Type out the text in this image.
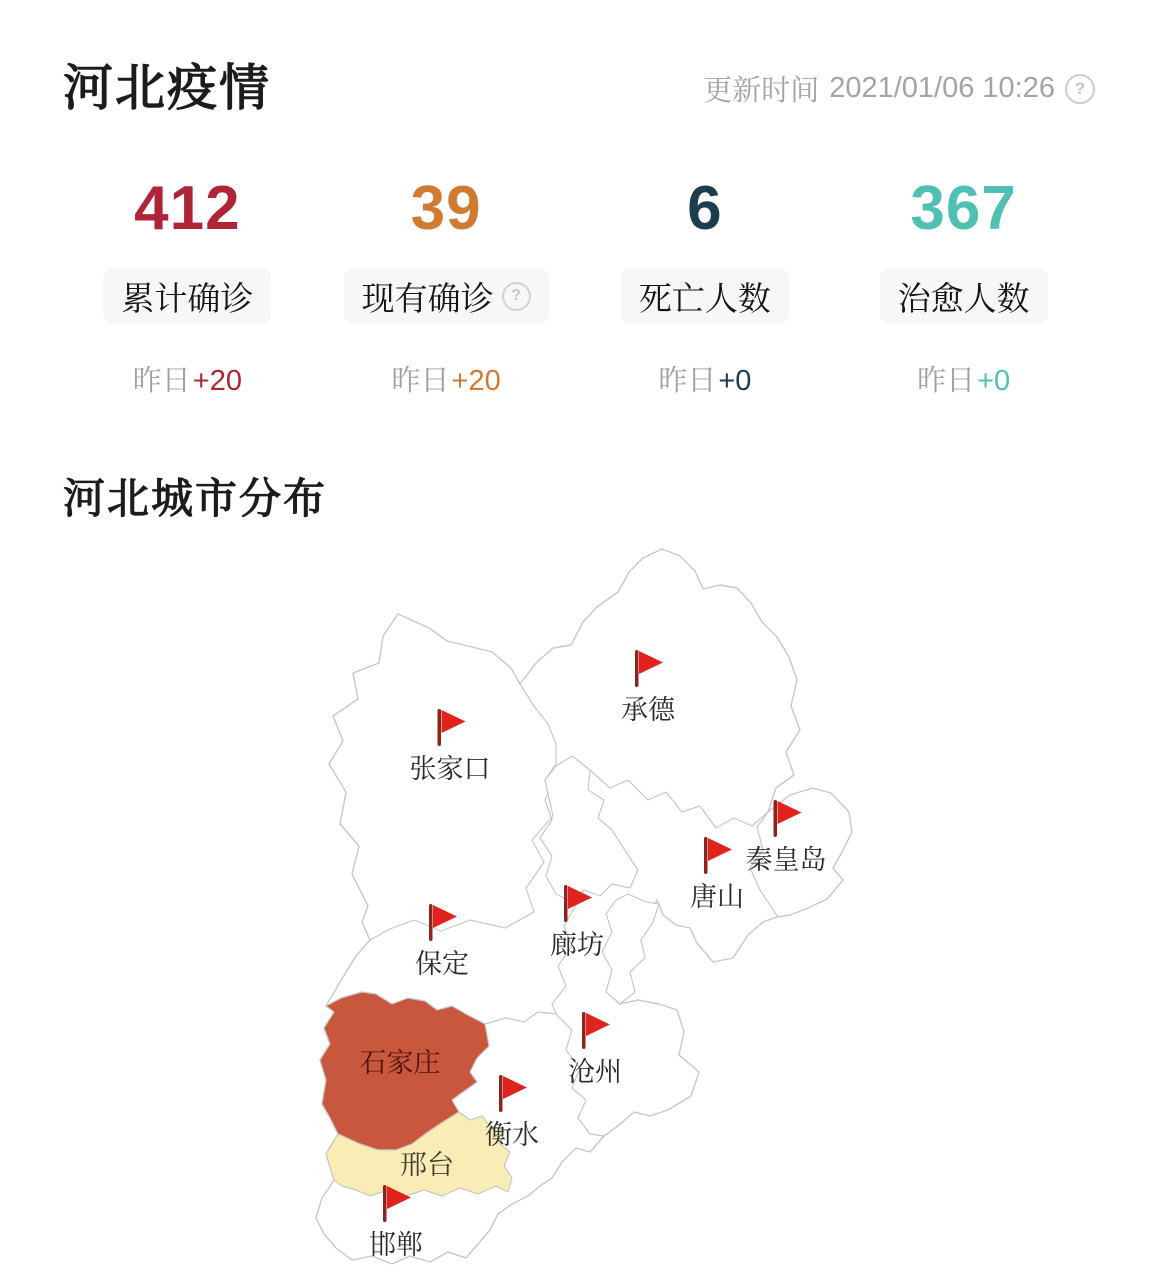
河北疫情	更新时间 2021/01/06 10:26	?
412
累计确诊
昨日+20
39
现有确诊	?
昨日+20
6
死亡人数
昨日+0
367
治愈人数
昨日+0
河北城市分布
承德
张家口
秦皇岛
唐山
廊坊
保定
沧州
衡水
石家庄
邢台
邯郸
